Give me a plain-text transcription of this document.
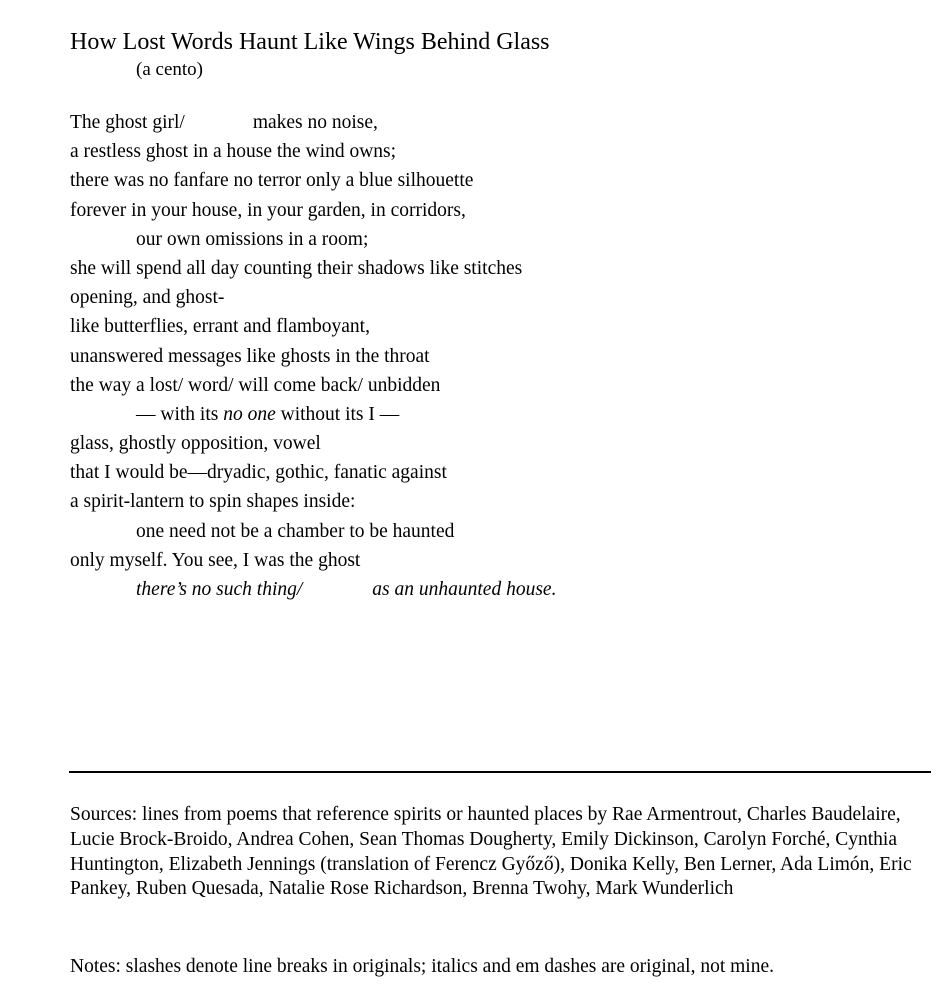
How Lost Words Haunt Like Wings Behind Glass
(a cento)
The ghost girl/	makes no noise,
a restless ghost in a house the wind owns;
there was no fanfare no terror only a blue silhouette
forever in your house, in your garden, in corridors,
our own omissions in a room;
she will spend all day counting their shadows like stitches
opening, and ghost-
like butterflies, errant and flamboyant,
unanswered messages like ghosts in the throat
the way a lost/ word/ will come back/ unbidden
— with its no one without its I —
glass, ghostly opposition, vowel
that I would be—dryadic, gothic, fanatic against
a spirit-lantern to spin shapes inside:
one need not be a chamber to be haunted
only myself. You see, I was the ghost
there’s no such thing/	as an unhaunted house.
Sources: lines from poems that reference spirits or haunted places by Rae Armentrout, Charles Baudelaire, Lucie Brock-Broido, Andrea Cohen, Sean Thomas Dougherty, Emily Dickinson, Carolyn Forché, Cynthia Huntington, Elizabeth Jennings (translation of Ferencz Győző), Donika Kelly, Ben Lerner, Ada Limón, Eric Pankey, Ruben Quesada, Natalie Rose Richardson, Brenna Twohy, Mark Wunderlich
Notes: slashes denote line breaks in originals; italics and em dashes are original, not mine.
